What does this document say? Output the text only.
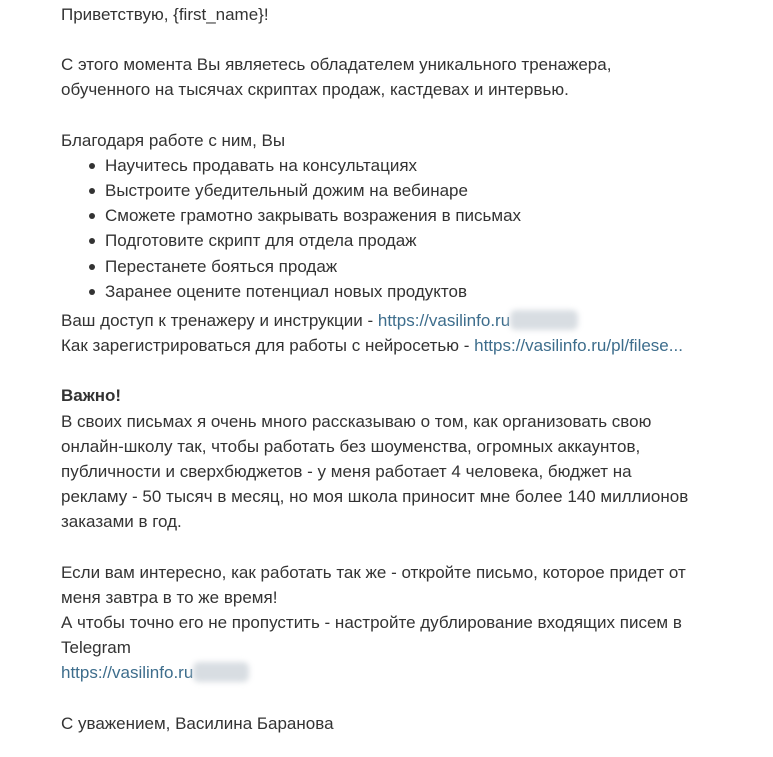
Приветствую, {first_name}!

С этого момента Вы являетесь обладателем уникального тренажера,

обученного на тысячах скриптах продаж, кастдевах и интервью.

Благодаря работе с ним, Вы

Научитесь продавать на консультациях
Выстроите убедительный дожим на вебинаре
Сможете грамотно закрывать возражения в письмах
Подготовите скрипт для отдела продаж
Перестанете бояться продаж
Заранее оцените потенциал новых продуктов

Ваш доступ к тренажеру и инструкции - https://vasilinfo.ru

Как зарегистрироваться для работы с нейросетью - https://vasilinfo.ru/pl/filese...

Важно!

В своих письмах я очень много рассказываю о том, как организовать свою

онлайн-школу так, чтобы работать без шоуменства, огромных аккаунтов,

публичности и сверхбюджетов - у меня работает 4 человека, бюджет на

рекламу - 50 тысяч в месяц, но моя школа приносит мне более 140 миллионов

заказами в год.

Если вам интересно, как работать так же - откройте письмо, которое придет от

меня завтра в то же время!

А чтобы точно его не пропустить - настройте дублирование входящих писем в

Telegram

https://vasilinfo.ru

С уважением, Василина Баранова
